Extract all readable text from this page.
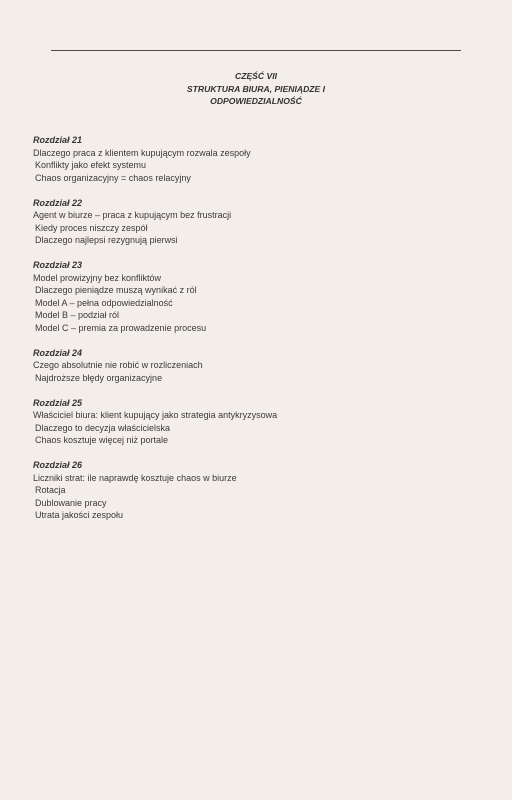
CZĘŚĆ VII
STRUKTURA BIURA, PIENIĄDZE I
ODPOWIEDZIALNOŚĆ
Rozdział 21
Dlaczego praca z klientem kupującym rozwala zespoły
Konflikty jako efekt systemu
Chaos organizacyjny = chaos relacyjny
Rozdział 22
Agent w biurze – praca z kupującym bez frustracji
Kiedy proces niszczy zespół
Dlaczego najlepsi rezygnują pierwsi
Rozdział 23
Model prowizyjny bez konfliktów
Dlaczego pieniądze muszą wynikać z ról
Model A – pełna odpowiedzialność
Model B – podział ról
Model C – premia za prowadzenie procesu
Rozdział 24
Czego absolutnie nie robić w rozliczeniach
Najdroższe błędy organizacyjne
Rozdział 25
Właściciel biura: klient kupujący jako strategia antykryzysowa
Dlaczego to decyzja właścicielska
Chaos kosztuje więcej niż portale
Rozdział 26
Liczniki strat: ile naprawdę kosztuje chaos w biurze
Rotacja
Dublowanie pracy
Utrata jakości zespołu
